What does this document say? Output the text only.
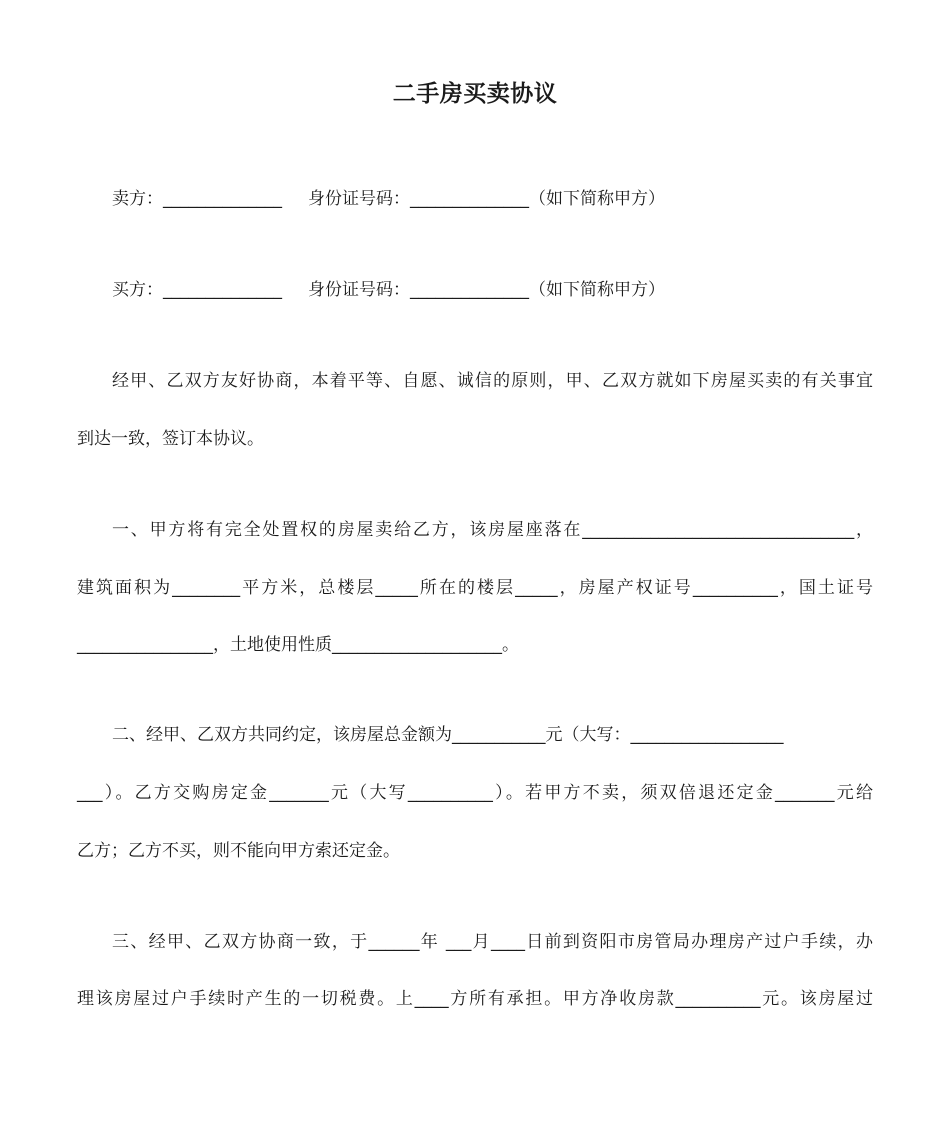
二手房买卖协议
卖方：______________ 身份证号码：______________（如下简称甲方）
买方：______________ 身份证号码：______________（如下简称甲方）
经甲、乙双方友好协商，本着平等、自愿、诚信的原则，甲、乙双方就如下房屋买卖的有关事宜
到达一致，签订本协议。
一、甲方将有完全处置权的房屋卖给乙方，该房屋座落在________________________________，
建筑面积为________平方米，总楼层_____所在的楼层_____，房屋产权证号__________，国土证号
________________，土地使用性质____________________。
二、经甲、乙双方共同约定，该房屋总金额为___________元（大写：__________________
___）。乙方交购房定金_______元（大写__________）。若甲方不卖，须双倍退还定金_______元给
乙方；乙方不买，则不能向甲方索还定金。
三、经甲、乙双方协商一致，于______年 ___月____日前到资阳市房管局办理房产过户手续，办
理该房屋过户手续时产生的一切税费。上____方所有承担。甲方净收房款__________元。该房屋过
